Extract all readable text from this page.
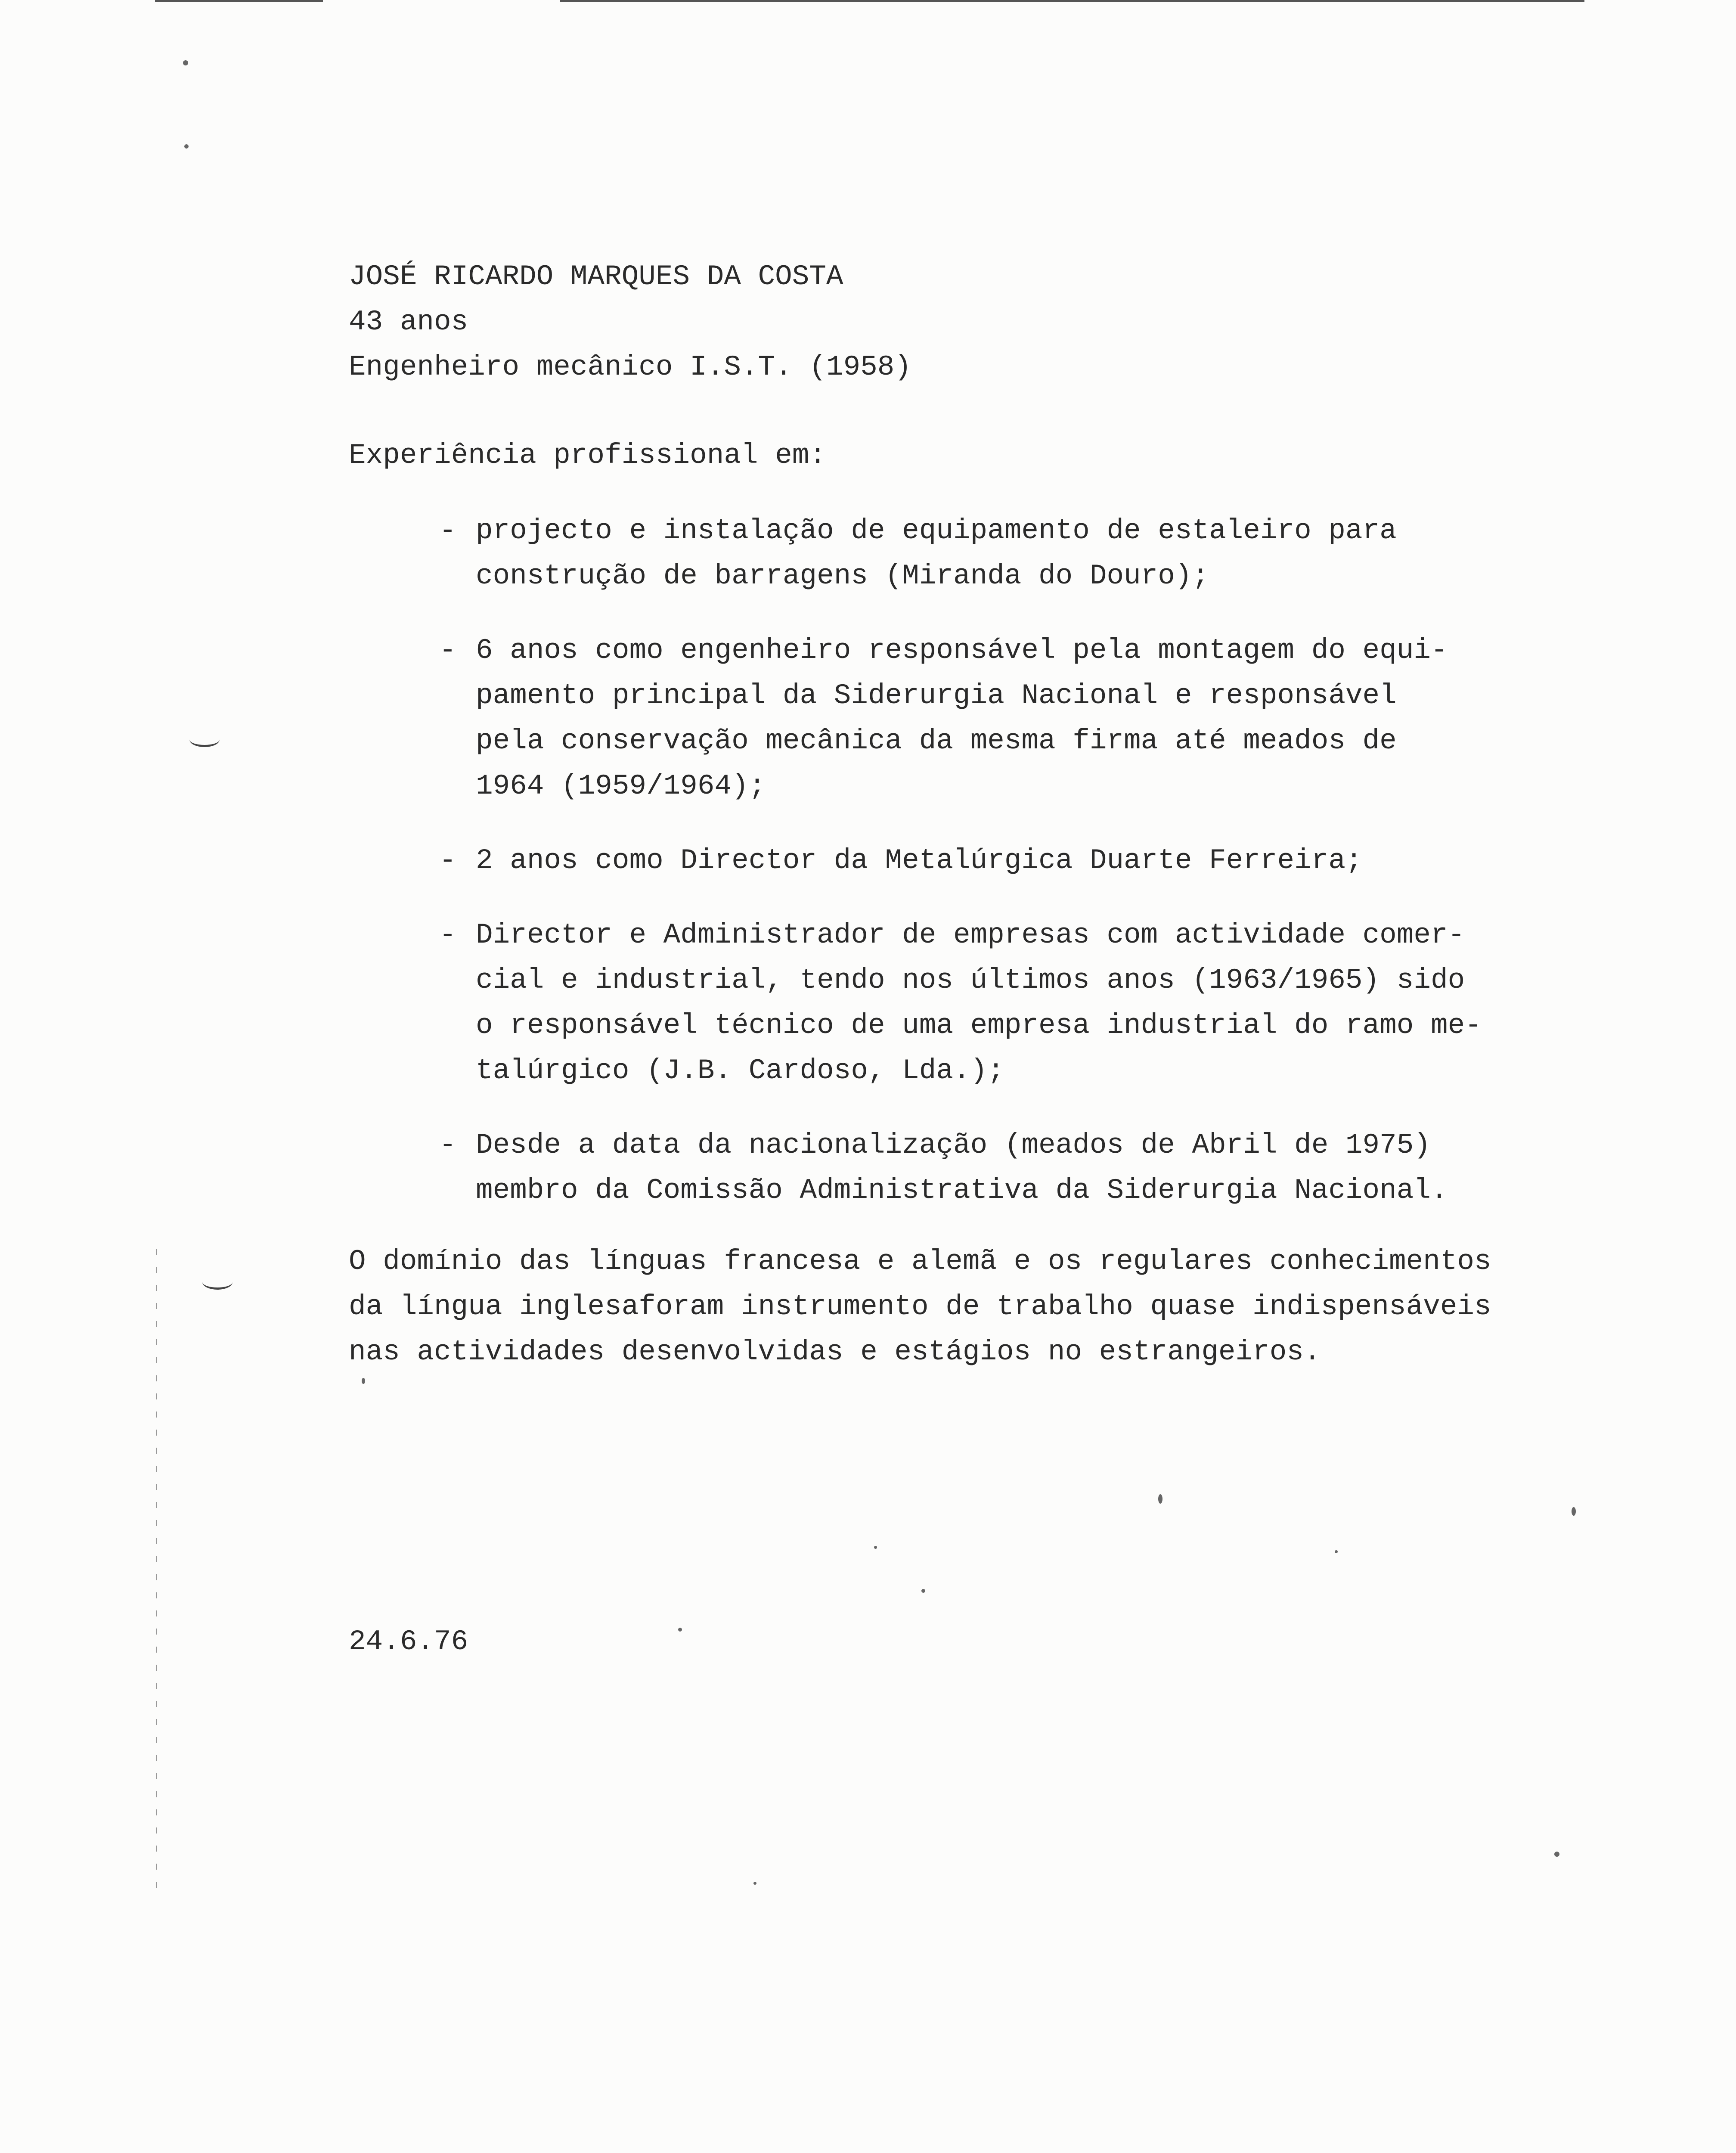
JOSÉ RICARDO MARQUES DA COSTA

43 anos

Engenheiro mecânico I.S.T. (1958)

Experiência profissional em:

- projecto e instalação de equipamento de estaleiro para

construção de barragens (Miranda do Douro);

- 6 anos como engenheiro responsável pela montagem do equi-

pamento principal da Siderurgia Nacional e responsável

pela conservação mecânica da mesma firma até meados de

1964 (1959/1964);

- 2 anos como Director da Metalúrgica Duarte Ferreira;

- Director e Administrador de empresas com actividade comer-

cial e industrial, tendo nos últimos anos (1963/1965) sido

o responsável técnico de uma empresa industrial do ramo me-

talúrgico (J.B. Cardoso, Lda.);

- Desde a data da nacionalização (meados de Abril de 1975)

membro da Comissão Administrativa da Siderurgia Nacional.

O domínio das línguas francesa e alemã e os regulares conhecimentos

da língua inglesaforam instrumento de trabalho quase indispensáveis

nas actividades desenvolvidas e estágios no estrangeiros.

24.6.76
